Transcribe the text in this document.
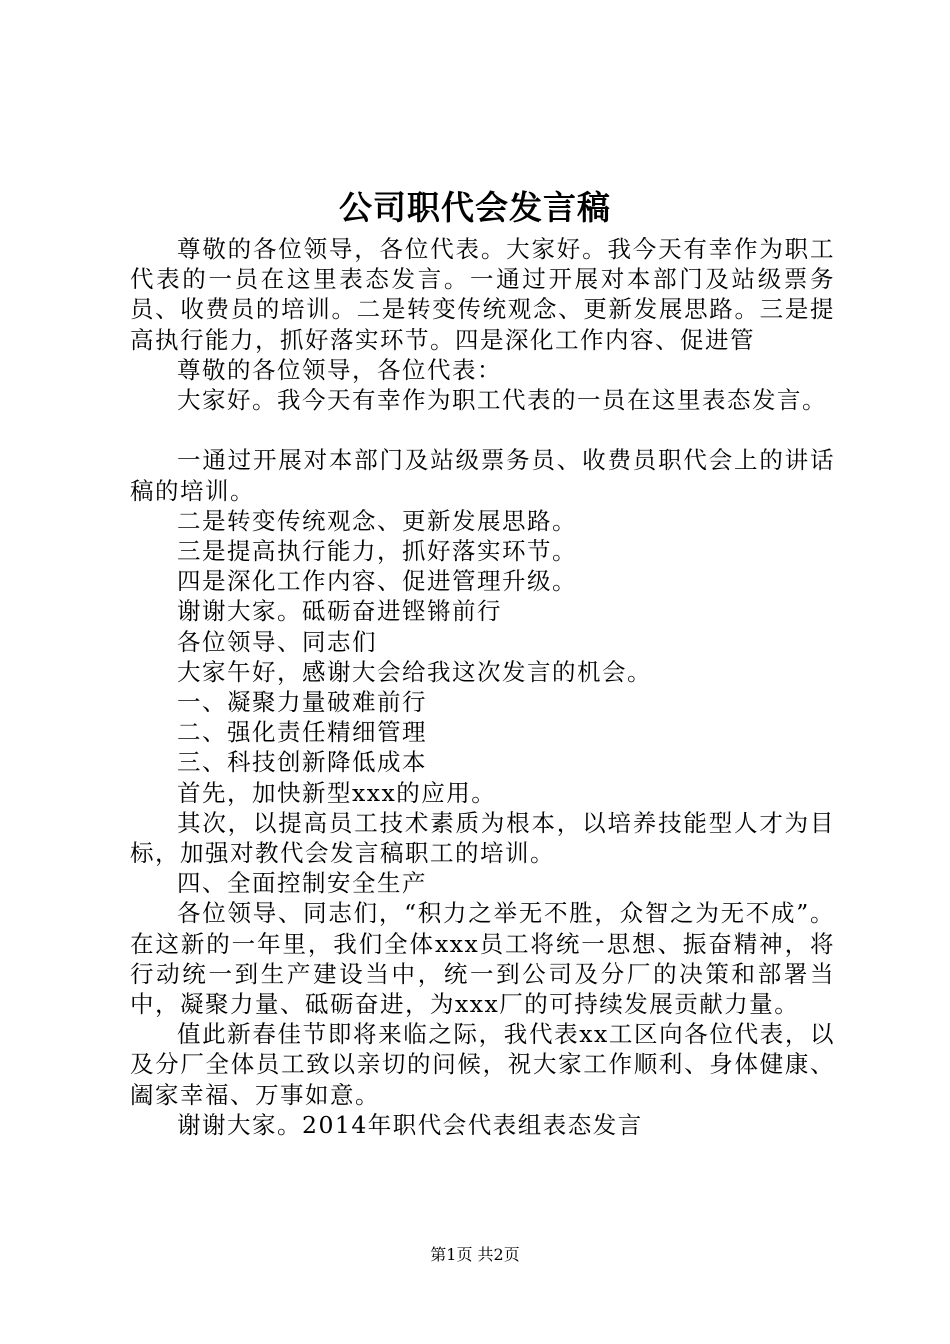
公司职代会发言稿

尊敬的各位领导，各位代表。大家好。我今天有幸作为职工代表的一员在这里表态发言。一通过开展对本部门及站级票务员、收费员的培训。二是转变传统观念、更新发展思路。三是提高执行能力，抓好落实环节。四是深化工作内容、促进管

尊敬的各位领导，各位代表：

大家好。我今天有幸作为职工代表的一员在这里表态发言。

一通过开展对本部门及站级票务员、收费员职代会上的讲话稿的培训。

二是转变传统观念、更新发展思路。

三是提高执行能力，抓好落实环节。

四是深化工作内容、促进管理升级。

谢谢大家。砥砺奋进铿锵前行

各位领导、同志们

大家午好，感谢大会给我这次发言的机会。

一、凝聚力量破难前行

二、强化责任精细管理

三、科技创新降低成本

首先，加快新型xxx的应用。

其次，以提高员工技术素质为根本，以培养技能型人才为目标，加强对教代会发言稿职工的培训。

四、全面控制安全生产

各位领导、同志们，“积力之举无不胜，众智之为无不成”。在这新的一年里，我们全体xxx员工将统一思想、振奋精神，将行动统一到生产建设当中，统一到公司及分厂的决策和部署当中，凝聚力量、砥砺奋进，为xxx厂的可持续发展贡献力量。

值此新春佳节即将来临之际，我代表xx工区向各位代表，以及分厂全体员工致以亲切的问候，祝大家工作顺利、身体健康、阖家幸福、万事如意。

谢谢大家。2014年职代会代表组表态发言

第1页 共2页
